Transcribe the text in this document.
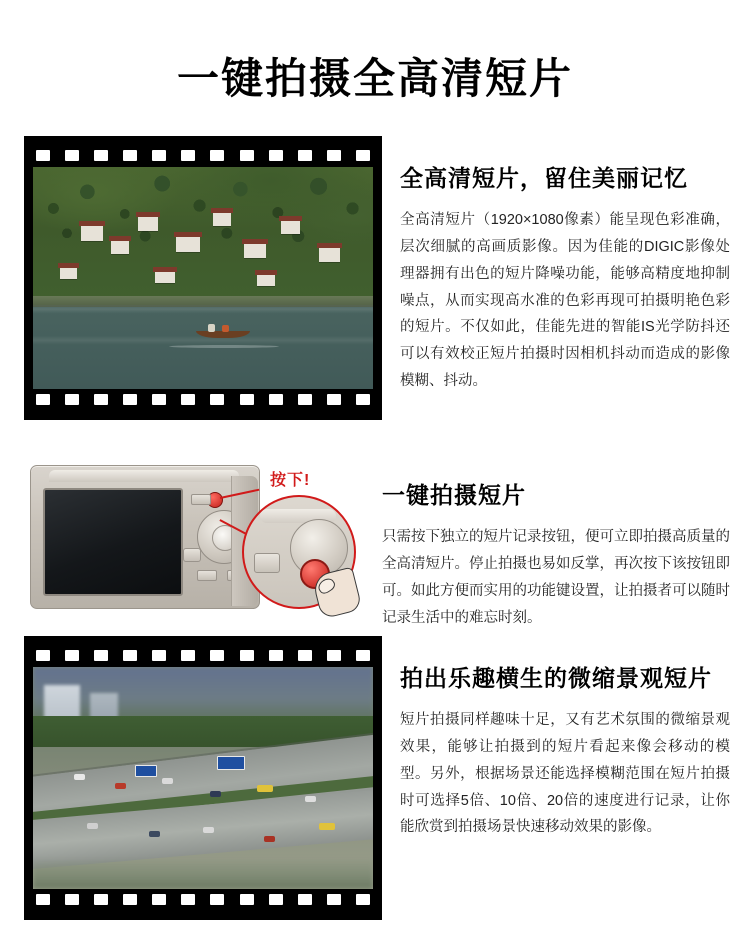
一键拍摄全高清短片
全高清短片，留住美丽记忆

全高清短片（1920×1080像素）能呈现色彩准确，层次细腻的高画质影像。因为佳能的DIGIC影像处理器拥有出色的短片降噪功能，能够高精度地抑制噪点，从而实现高水准的色彩再现可拍摄明艳色彩的短片。不仅如此，佳能先进的智能IS光学防抖还可以有效校正短片拍摄时因相机抖动而造成的影像模糊、抖动。

按下!
一键拍摄短片

只需按下独立的短片记录按钮，便可立即拍摄高质量的全高清短片。停止拍摄也易如反掌，再次按下该按钮即可。如此方便而实用的功能键设置，让拍摄者可以随时记录生活中的难忘时刻。

拍出乐趣横生的微缩景观短片

短片拍摄同样趣味十足，又有艺术氛围的微缩景观效果，能够让拍摄到的短片看起来像会移动的模型。另外，根据场景还能选择模糊范围在短片拍摄时可选择5倍、10倍、20倍的速度进行记录，让你能欣赏到拍摄场景快速移动效果的影像。
